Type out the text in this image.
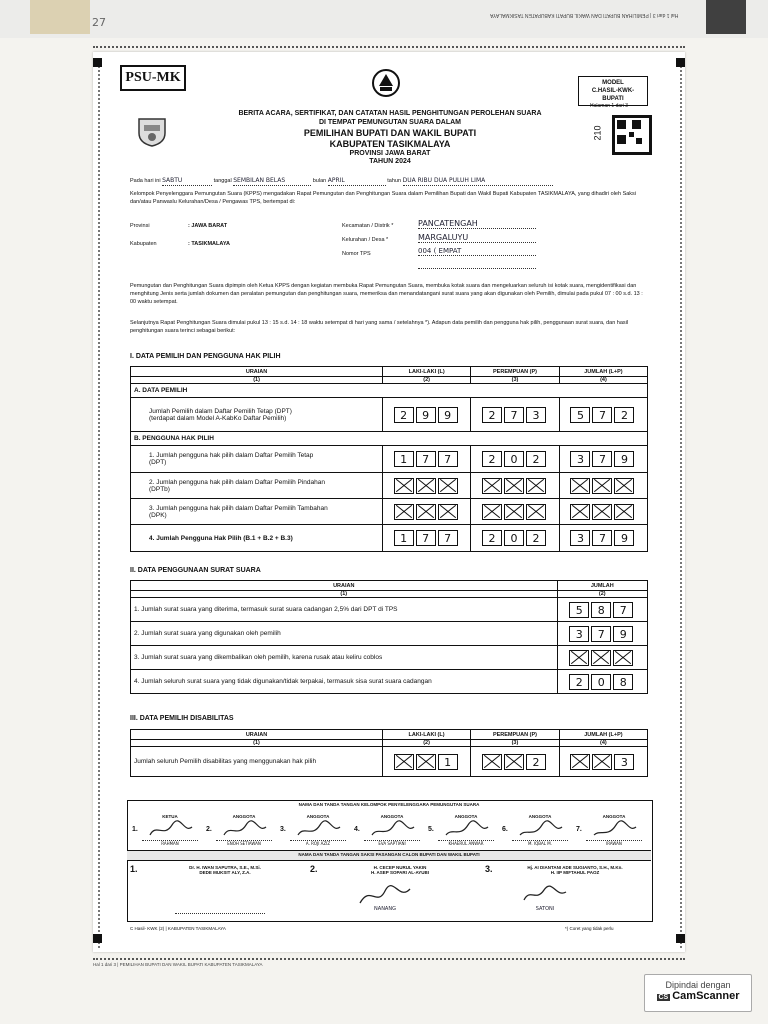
27
Hal 1 dari 3 | PEMILIHAN BUPATI DAN WAKIL BUPATI KABUPATEN TASIKMALAYA
PSU-MK	MODEL
C.HASIL-KWK-
BUPATI
Halaman 1 dari 3
210
BERITA ACARA, SERTIFIKAT, DAN CATATAN HASIL PENGHITUNGAN PEROLEHAN SUARA
DI TEMPAT PEMUNGUTAN SUARA DALAM
PEMILIHAN BUPATI DAN WAKIL BUPATI
KABUPATEN TASIKMALAYA
PROVINSI JAWA BARAT
TAHUN 2024
Pada hari ini SABTU	tanggal SEMBILAN BELAS	bulan APRIL	tahun DUA RIBU DUA PULUH LIMA
Kelompok Penyelenggara Pemungutan Suara (KPPS) mengadakan Rapat Pemungutan dan Penghitungan Suara dalam Pemilihan Bupati dan Wakil Bupati Kabupaten TASIKMALAYA, yang dihadiri oleh Saksi dan/atau Panwaslu Kelurahan/Desa / Pengawas TPS, bertempat di:
Provinsi	: JAWA BARAT
Kabupaten	: TASIKMALAYA
Kecamatan / Distrik *	PANCATENGAH
Kelurahan / Desa *	MARGALUYU
Nomor TPS	004 ( EMPAT
Pemungutan dan Penghitungan Suara dipimpin oleh Ketua KPPS dengan kegiatan membuka Rapat Pemungutan Suara, membuka kotak suara dan mengeluarkan seluruh isi kotak suara, mengidentifikasi dan menghitung Jenis serta jumlah dokumen dan peralatan pemungutan dan penghitungan suara, memeriksa dan menandatangani surat suara yang akan digunakan oleh Pemilih, dimulai pada pukul 07 : 00 s.d. 13 : 00 waktu setempat.
Selanjutnya Rapat Penghitungan Suara dimulai pukul 13 : 15 s.d. 14 : 18 waktu setempat di hari yang sama / setelahnya *). Adapun data pemilih dan pengguna hak pilih, penggunaan surat suara, dan hasil penghitungan suara terinci sebagai berikut:
I. DATA PEMILIH DAN PENGGUNA HAK PILIH
URAIAN	LAKI-LAKI (L)	PEREMPUAN (P)	JUMLAH (L+P)
(1)	(2)	(3)	(4)
A. DATA PEMILIH			

Jumlah Pemilih dalam Daftar Pemilih Tetap (DPT)
(terdapat dalam Model A-KabKo Daftar Pemilih)	2 9 9	2 7 3	5 7 2
B. PENGGUNA HAK PILIH			

1. Jumlah pengguna hak pilih dalam Daftar Pemilih Tetap
(DPT)	1 7 7	2 0 2	3 7 9

2. Jumlah pengguna hak pilih dalam Daftar Pemilih Pindahan
(DPTb)			

3. Jumlah pengguna hak pilih dalam Daftar Pemilih Tambahan
(DPK)			

4. Jumlah Pengguna Hak Pilih (B.1 + B.2 + B.3)	1 7 7	2 0 2	3 7 9
II. DATA PENGGUNAAN SURAT SUARA
URAIAN	JUMLAH
(1)	(2)
1. Jumlah surat suara yang diterima, termasuk surat suara cadangan 2,5% dari DPT di TPS	5 8 7
2. Jumlah surat suara yang digunakan oleh pemilih	3 7 9
3. Jumlah surat suara yang dikembalikan oleh pemilih, karena rusak atau keliru coblos	
4. Jumlah seluruh surat suara yang tidak digunakan/tidak terpakai, termasuk sisa surat suara cadangan	2 0 8
III. DATA PEMILIH DISABILITAS
URAIAN	LAKI-LAKI (L)	PEREMPUAN (P)	JUMLAH (L+P)
(1)	(2)	(3)	(4)
Jumlah seluruh Pemilih disabilitas yang menggunakan hak pilih	1	2	3
NAMA DAN TANDA TANGAN KELOMPOK PENYELENGGARA PEMUNGUTAN SUARA
1.
KETUA
RAHMAN
2.
ANGGOTA
ENOH SETIAWAN
3.
ANGGOTA
A. ROJI AZIZ
4.
ANGGOTA
EVA SAPTIANI
5.
ANGGOTA
KHAERUL ANWAR
6.
ANGGOTA
M. IQBAL M.
7.
ANGGOTA
IRAWAN
NAMA DAN TANDA TANGAN SAKSI PASANGAN CALON BUPATI DAN WAKIL BUPATI
1.	Dr. H. IWAN SAPUTRA, S.E., M.Si.
DEDE MUKSIT ALY, Z.A.	2.	H. CECEP NURUL YAKIN
H. ASEP SOPARI AL-AYUBI	3.	Hj. AI DIANTANI ADE SUGIANTO, S.H., M.Kn.
H. IIP MIFTAHUL PAOZ
NANANG	SATONI
C Hasil- KWK (2) | KABUPATEN TASIKMALAYA	*) Coret yang tidak perlu
Hal 1 dari 3 | PEMILIHAN BUPATI DAN WAKIL BUPATI KABUPATEN TASIKMALAYA
Dipindai dengan
CS CamScanner
